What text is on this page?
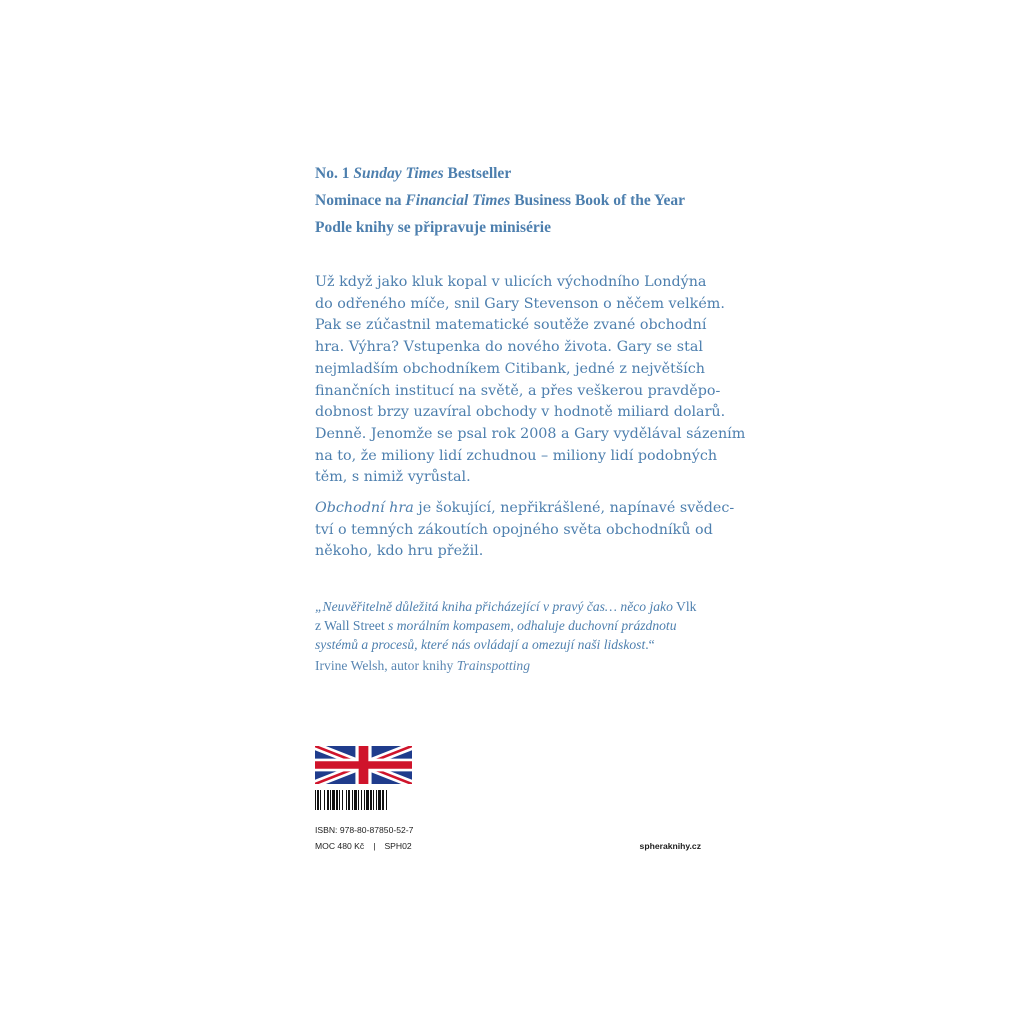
No. 1 Sunday Times Bestseller

Nominace na Financial Times Business Book of the Year

Podle knihy se připravuje minisérie

Už když jako kluk kopal v ulicích východního Londýna
do odřeného míče, snil Gary Stevenson o něčem velkém.
Pak se zúčastnil matematické soutěže zvané obchodní
hra. Výhra? Vstupenka do nového života. Gary se stal
nejmladším obchodníkem Citibank, jedné z největších
finančních institucí na světě, a přes veškerou pravděpo-
dobnost brzy uzavíral obchody v hodnotě miliard dolarů.
Denně. Jenomže se psal rok 2008 a Gary vydělával sázením
na to, že miliony lidí zchudnou – miliony lidí podobných
těm, s nimiž vyrůstal.

Obchodní hra je šokující, nepřikrášlené, napínavé svědec-
tví o temných zákoutích opojného světa obchodníků od
někoho, kdo hru přežil.

„Neuvěřitelně důležitá kniha přicházející v pravý čas… něco jako Vlk
z Wall Street s morálním kompasem, odhaluje duchovní prázdnotu
systémů a procesů, které nás ovládají a omezují naši lidskost.“
Irvine Welsh, autor knihy Trainspotting
ISBN: 978-80-87850-52-7
MOC 480 Kč | SPH02	spheraknihy.cz
